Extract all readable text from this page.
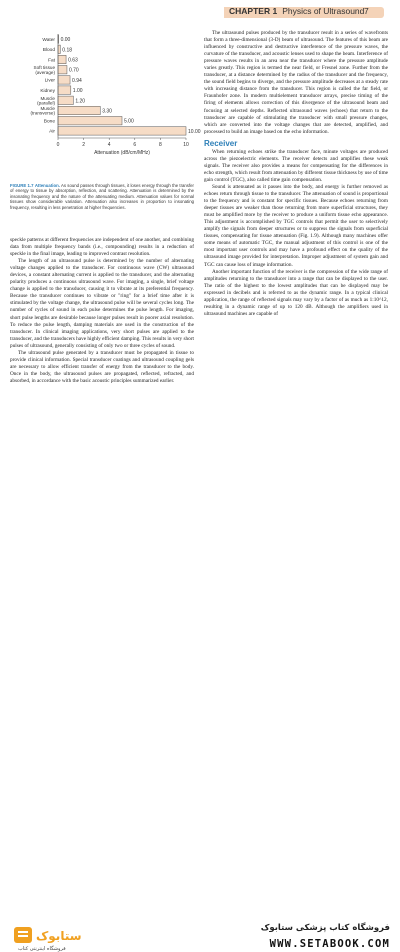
CHAPTER 1 Physics of Ultrasound 7
0.00
Water
0.18
Blood
0.63
Fat
0.70
Soft tissue
(average)
0.94
Liver
1.00
Kidney
1.20
Muscle
(parallel)
3.30
Muscle
(transverse)
5.00
Bone
10.00
Air
0	2	4	6	8	10
Attenuation (dB/cm/MHz)
FIGURE 1.7 Attenuation. As sound passes through tissues, it loses energy through the transfer of energy to tissue by absorption, reflection, and scattering. Attenuation is determined by the insonating frequency and the nature of the attenuating medium. Attenuation values for normal tissues show considerable variation. Attenuation also increases in proportion to insonating frequency, resulting in less penetration at higher frequencies.

speckle patterns at different frequencies are independent of one another, and combining data from multiple frequency bands (i.e., compounding) results in a reduction of speckle in the final image, leading to improved contrast resolution.

The length of an ultrasound pulse is determined by the number of alternating voltage changes applied to the transducer. For continuous wave (CW) ultrasound devices, a constant alternating current is applied to the transducer, and the alternating polarity produces a continuous ultrasound wave. For imaging, a single, brief voltage change is applied to the transducer, causing it to vibrate at its preferential frequency. Because the transducer continues to vibrate or "ring" for a brief time after it is stimulated by the voltage change, the ultrasound pulse will be several cycles long. The number of cycles of sound in each pulse determines the pulse length. For imaging, short pulse lengths are desirable because longer pulses result in poorer axial resolution. To reduce the pulse length, damping materials are used in the construction of the transducer. In clinical imaging applications, very short pulses are applied to the transducer, and the transducers have highly efficient damping. This results in very short pulses of ultrasound, generally consisting of only two or three cycles of sound.

The ultrasound pulse generated by a transducer must be propagated in tissue to provide clinical information. Special transducer coatings and ultrasound coupling gels are necessary to allow efficient transfer of energy from the transducer to the body. Once in the body, the ultrasound pulses are propagated, reflected, refracted, and absorbed, in accordance with the basic acoustic principles summarized earlier.

The ultrasound pulses produced by the transducer result in a series of wavefronts that form a three-dimensional (3-D) beam of ultrasound. The features of this beam are influenced by constructive and destructive interference of the pressure waves, the curvature of the transducer, and acoustic lenses used to shape the beam. Interference of pressure waves results in an area near the transducer where the pressure amplitude varies greatly. This region is termed the near field, or Fresnel zone. Further from the transducer, at a distance determined by the radius of the transducer and the frequency, the sound field begins to diverge, and the pressure amplitude decreases at a steady rate with increasing distance from the transducer. This region is called the far field, or Fraunhofer zone. In modern multielement transducer arrays, precise timing of the firing of elements allows correction of this divergence of the ultrasound beam and focusing at selected depths. Reflected ultrasound waves (echoes) that return to the transducer are capable of stimulating the transducer with small pressure changes, which are converted into the voltage changes that are detected, amplified, and processed to build an image based on the echo information.

Receiver

When returning echoes strike the transducer face, minute voltages are produced across the piezoelectric elements. The receiver detects and amplifies these weak signals. The receiver also provides a means for compensating for the differences in echo strength, which result from attenuation by different tissue thickness by use of time gain control (TGC), also called time gain compensation.

Sound is attenuated as it passes into the body, and energy is further removed as echoes return through tissue to the transducer. The attenuation of sound is proportional to the frequency and is constant for specific tissues. Because echoes returning from deeper tissues are weaker than those returning from more superficial structures, they must be amplified more by the receiver to produce a uniform tissue echo appearance. This adjustment is accomplished by TGC controls that permit the user to selectively amplify the signals from deeper structures or to suppress the signals from superficial tissues, compensating for tissue attenuation (Fig. 1.9). Although many machines offer some means of automatic TGC, the manual adjustment of this control is one of the most important user controls and may have a profound effect on the quality of the ultrasound image provided for interpretation. Improper adjustment of system gain and TGC can cause loss of image information.

Another important function of the receiver is the compression of the wide range of amplitudes returning to the transducer into a range that can be displayed to the user. The ratio of the highest to the lowest amplitudes that can be displayed may be expressed in decibels and is referred to as the dynamic range. In a typical clinical application, the range of reflected signals may vary by a factor of as much as 1:10^12, resulting in a dynamic range of up to 120 dB. Although the amplifiers used in ultrasound machines are capable of

ستابوک
فروشگاه اینترنتی کتاب
فروشگاه کتاب پزشکی ستابوک
WWW.SETABOOK.COM
